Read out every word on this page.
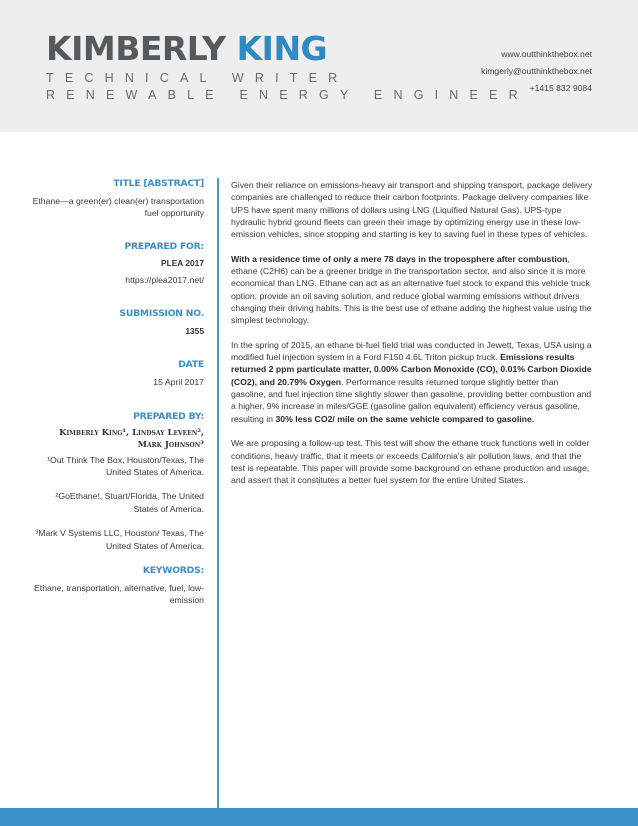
KIMBERLY KING
TECHNICAL WRITER
RENEWABLE ENERGY ENGINEER
www.outthinkthebox.net
kimgerly@outthinkthebox.net
+1415 832 9084
TITLE [ABSTRACT]
Ethane—a green(er) clean(er) transportation fuel opportunity
PREPARED FOR:
PLEA 2017
https://plea2017.net/
SUBMISSION NO.
1355
DATE
15 April 2017
PREPARED BY:
Kimberly King¹, Lindsay Leveen²,
Mark Johnson³
¹Out Think The Box, Houston/Texas, The United States of America.
²GoEthane!, Stuart/Florida, The United States of America.
³Mark V Systems LLC, Houston/ Texas, The United States of America.
KEYWORDS:
Ethane, transportation, alternative, fuel, low-emission

Given their reliance on emissions-heavy air transport and shipping transport, package delivery companies are challenged to reduce their carbon footprints. Package delivery companies like UPS have spent many millions of dollars using LNG (Liquified Natural Gas). UPS-type hydraulic hybrid ground fleets can green their image by optimizing energy use in these low-emission vehicles, since stopping and starting is key to saving fuel in these types of vehicles.

With a residence time of only a mere 78 days in the troposphere after combustion, ethane (C2H6) can be a greener bridge in the transportation sector, and also since it is more economical than LNG. Ethane can act as an alternative fuel stock to expand this vehicle truck option, provide an oil saving solution, and reduce global warming emissions without drivers changing their driving habits. This is the best use of ethane adding the highest value using the simplest technology.

In the spring of 2015, an ethane bi-fuel field trial was conducted in Jewett, Texas, USA using a modified fuel injection system in a Ford F150 4.6L Triton pickup truck. Emissions results returned 2 ppm particulate matter, 0.00% Carbon Monoxide (CO), 0.01% Carbon Dioxide (CO2), and 20.79% Oxygen. Performance results returned torque slightly better than gasoline, and fuel injection time slightly slower than gasoline, providing better combustion and a higher, 9% increase in miles/GGE (gasoline gallon equivalent) efficiency versus gasoline, resulting in 30% less CO2/ mile on the same vehicle compared to gasoline.

We are proposing a follow-up test. This test will show the ethane truck functions well in colder conditions, heavy traffic, that it meets or exceeds California's air pollution laws, and that the test is repeatable. This paper will provide some background on ethane production and usage, and assert that it constitutes a better fuel system for the entire United States.
